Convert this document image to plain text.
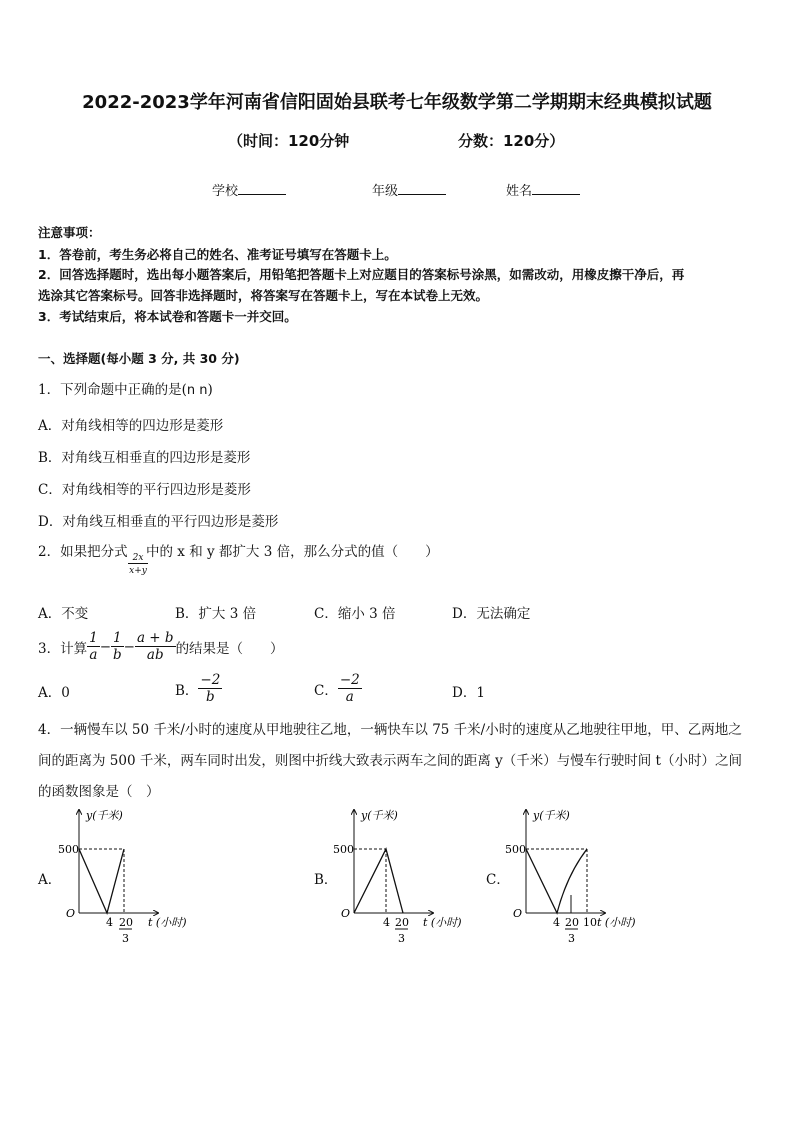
2022-2023学年河南省信阳固始县联考七年级数学第二学期期末经典模拟试题
（时间：120分钟	分数：120分）
学校	年级	姓名
注意事项：
1．答卷前，考生务必将自己的姓名、准考证号填写在答题卡上。
2．回答选择题时，选出每小题答案后，用铅笔把答题卡上对应题目的答案标号涂黑，如需改动，用橡皮擦干净后，再
选涂其它答案标号。回答非选择题时，将答案写在答题卡上，写在本试卷上无效。
3．考试结束后，将本试卷和答题卡一并交回。
一、选择题(每小题 3 分, 共 30 分)
1．下列命题中正确的是(n n)
A．对角线相等的四边形是菱形
B．对角线互相垂直的四边形是菱形
C．对角线相等的平行四边形是菱形
D．对角线互相垂直的平行四边形是菱形
2．如果把分式
$\frac{2x}{x+y}$
中的 x 和 y 都扩大 3 倍，那么分式的值（　　）
A．不变	B．扩大 3 倍	C．缩小 3 倍	D．无法确定
3．计算 $\frac{1}{a} - \frac{1}{b} - \frac{a + b}{ab}$ 的结果是（　　）
A．0	B． $\frac{-2}{b}$	C． $\frac{-2}{a}$	D．1
4．一辆慢车以 50 千米/小时的速度从甲地驶往乙地，一辆快车以 75 千米/小时的速度从乙地驶往甲地，甲、乙两地之
间的距离为 500 千米，两车同时出发，则图中折线大致表示两车之间的距离 y（千米）与慢车行驶时间 t（小时）之间
的函数图象是（　）
A．
y(千米)
500
O
4 20
3
t (小时)
B．
y(千米)
500
O
4 20
3
t (小时)
C．
y(千米)
500
O
4 20
3
10 t (小时)
